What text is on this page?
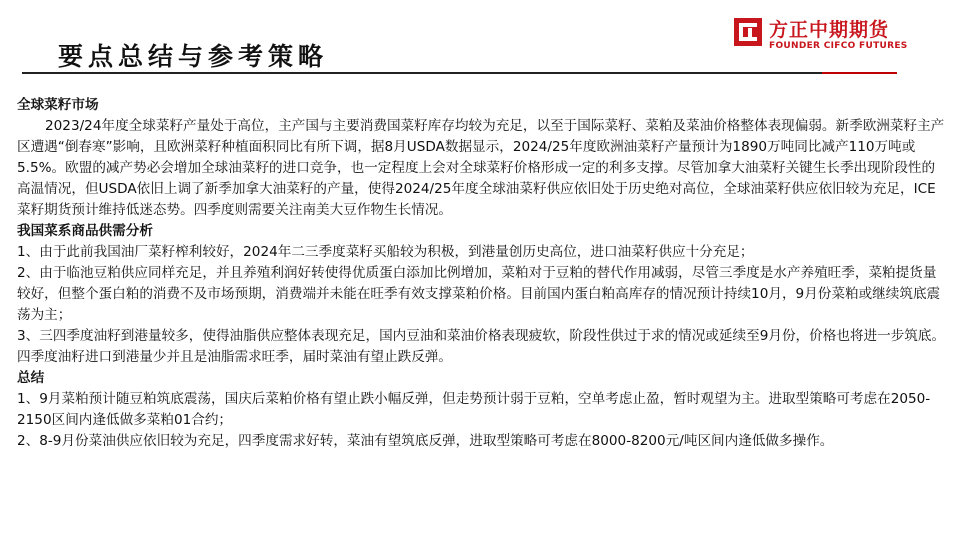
要点总结与参考策略
方正中期期货
FOUNDER CIFCO FUTURES

全球菜籽市场

2023/24年度全球菜籽产量处于高位，主产国与主要消费国菜籽库存均较为充足，以至于国际菜籽、菜粕及菜油价格整体表现偏弱。新季欧洲菜籽主产区遭遇“倒春寒”影响，且欧洲菜籽种植面积同比有所下调，据8月USDA数据显示，2024/25年度欧洲油菜籽产量预计为1890万吨同比减产110万吨或5.5%。欧盟的减产势必会增加全球油菜籽的进口竞争，也一定程度上会对全球菜籽价格形成一定的利多支撑。尽管加拿大油菜籽关键生长季出现阶段性的高温情况，但USDA依旧上调了新季加拿大油菜籽的产量，使得2024/25年度全球油菜籽供应依旧处于历史绝对高位，全球油菜籽供应依旧较为充足，ICE菜籽期货预计维持低迷态势。四季度则需要关注南美大豆作物生长情况。

我国菜系商品供需分析

1、由于此前我国油厂菜籽榨利较好，2024年二三季度菜籽买船较为积极，到港量创历史高位，进口油菜籽供应十分充足；

2、由于临池豆粕供应同样充足，并且养殖利润好转使得优质蛋白添加比例增加，菜粕对于豆粕的替代作用减弱，尽管三季度是水产养殖旺季，菜粕提货量较好，但整个蛋白粕的消费不及市场预期，消费端并未能在旺季有效支撑菜粕价格。目前国内蛋白粕高库存的情况预计持续10月，9月份菜粕或继续筑底震荡为主；

3、三四季度油籽到港量较多，使得油脂供应整体表现充足，国内豆油和菜油价格表现疲软，阶段性供过于求的情况或延续至9月份，价格也将进一步筑底。四季度油籽进口到港量少并且是油脂需求旺季，届时菜油有望止跌反弹。

总结

1、9月菜粕预计随豆粕筑底震荡，国庆后菜粕价格有望止跌小幅反弹，但走势预计弱于豆粕，空单考虑止盈，暂时观望为主。进取型策略可考虑在2050-2150区间内逢低做多菜粕01合约；

2、8-9月份菜油供应依旧较为充足，四季度需求好转，菜油有望筑底反弹，进取型策略可考虑在8000-8200元/吨区间内逢低做多操作。
